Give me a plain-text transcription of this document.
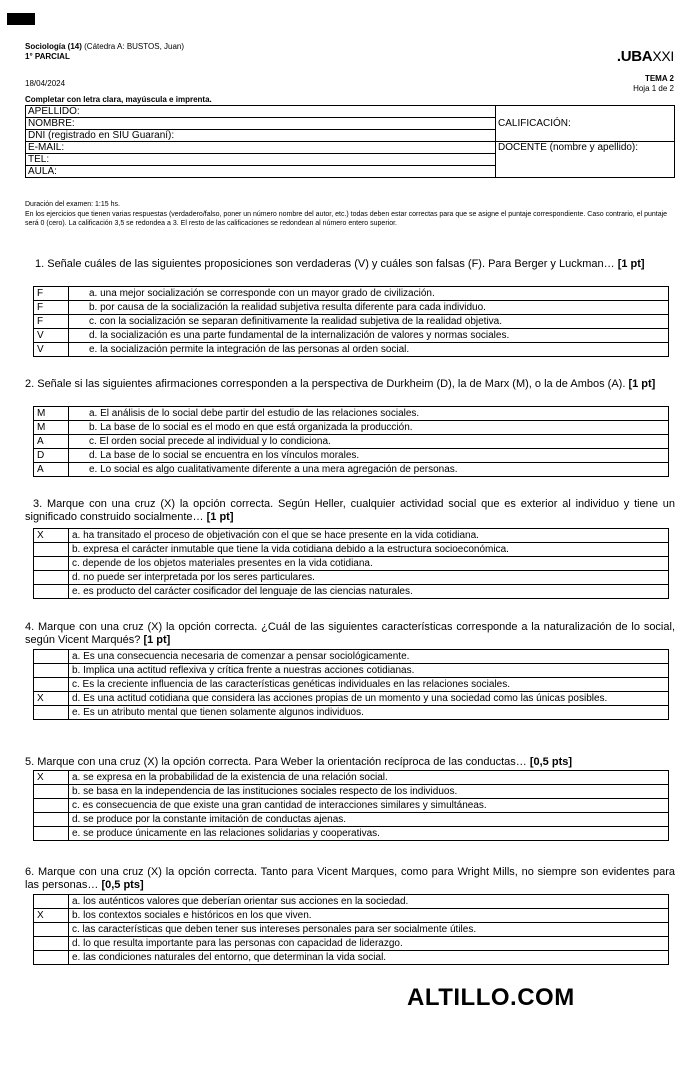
Sociología (14) (Cátedra A: BUSTOS, Juan)
1° PARCIAL	.UBAXXI
18/04/2024
TEMA 2
Hoja 1 de 2
Completar con letra clara, mayúscula e imprenta.
APELLIDO:	CALIFICACIÓN:
NOMBRE:	
DNI (registrado en SIU Guaraní):	
E-MAIL:	DOCENTE (nombre y apellido):
TEL:	
AULA:	
Duración del examen: 1:15 hs.
En los ejercicios que tienen varias respuestas (verdadero/falso, poner un número nombre del autor, etc.) todas deben estar correctas para que se asigne el puntaje correspondiente. Caso contrario, el puntaje será 0 (cero). La calificación 3,5 se redondea a 3. El resto de las calificaciones se redondean al número entero superior.
1. Señale cuáles de las siguientes proposiciones son verdaderas (V) y cuáles son falsas (F). Para Berger y Luckman… [1 pt]
F	a. una mejor socialización se corresponde con un mayor grado de civilización.
F	b. por causa de la socialización la realidad subjetiva resulta diferente para cada individuo.
F	c. con la socialización se separan definitivamente la realidad subjetiva de la realidad objetiva.
V	d. la socialización es una parte fundamental de la internalización de valores y normas sociales.
V	e. la socialización permite la integración de las personas al orden social.
2. Señale si las siguientes afirmaciones corresponden a la perspectiva de Durkheim (D), la de Marx (M), o la de Ambos (A). [1 pt]
M	a. El análisis de lo social debe partir del estudio de las relaciones sociales.
M	b. La base de lo social es el modo en que está organizada la producción.
A	c. El orden social precede al individual y lo condiciona.
D	d. La base de lo social se encuentra en los vínculos morales.
A	e. Lo social es algo cualitativamente diferente a una mera agregación de personas.
3. Marque con una cruz (X) la opción correcta. Según Heller, cualquier actividad social que es exterior al individuo y tiene un significado construido socialmente… [1 pt]
X	a. ha transitado el proceso de objetivación con el que se hace presente en la vida cotidiana.
	b. expresa el carácter inmutable que tiene la vida cotidiana debido a la estructura socioeconómica.
	c. depende de los objetos materiales presentes en la vida cotidiana.
	d. no puede ser interpretada por los seres particulares.
	e. es producto del carácter cosificador del lenguaje de las ciencias naturales.
4. Marque con una cruz (X) la opción correcta. ¿Cuál de las siguientes características corresponde a la naturalización de lo social, según Vicent Marqués? [1 pt]
	a. Es una consecuencia necesaria de comenzar a pensar sociológicamente.
	b. Implica una actitud reflexiva y crítica frente a nuestras acciones cotidianas.
	c. Es la creciente influencia de las características genéticas individuales en las relaciones sociales.
X	d. Es una actitud cotidiana que considera las acciones propias de un momento y una sociedad como las únicas posibles.
	e. Es un atributo mental que tienen solamente algunos individuos.
5. Marque con una cruz (X) la opción correcta. Para Weber la orientación recíproca de las conductas… [0,5 pts]
X	a. se expresa en la probabilidad de la existencia de una relación social.
	b. se basa en la independencia de las instituciones sociales respecto de los individuos.
	c. es consecuencia de que existe una gran cantidad de interacciones similares y simultáneas.
	d. se produce por la constante imitación de conductas ajenas.
	e. se produce únicamente en las relaciones solidarias y cooperativas.
6. Marque con una cruz (X) la opción correcta. Tanto para Vicent Marques, como para Wright Mills, no siempre son evidentes para las personas… [0,5 pts]
	a. los auténticos valores que deberían orientar sus acciones en la sociedad.
X	b. los contextos sociales e históricos en los que viven.
	c. las características que deben tener sus intereses personales para ser socialmente útiles.
	d. lo que resulta importante para las personas con capacidad de liderazgo.
	e. las condiciones naturales del entorno, que determinan la vida social.
ALTILLO.COM
